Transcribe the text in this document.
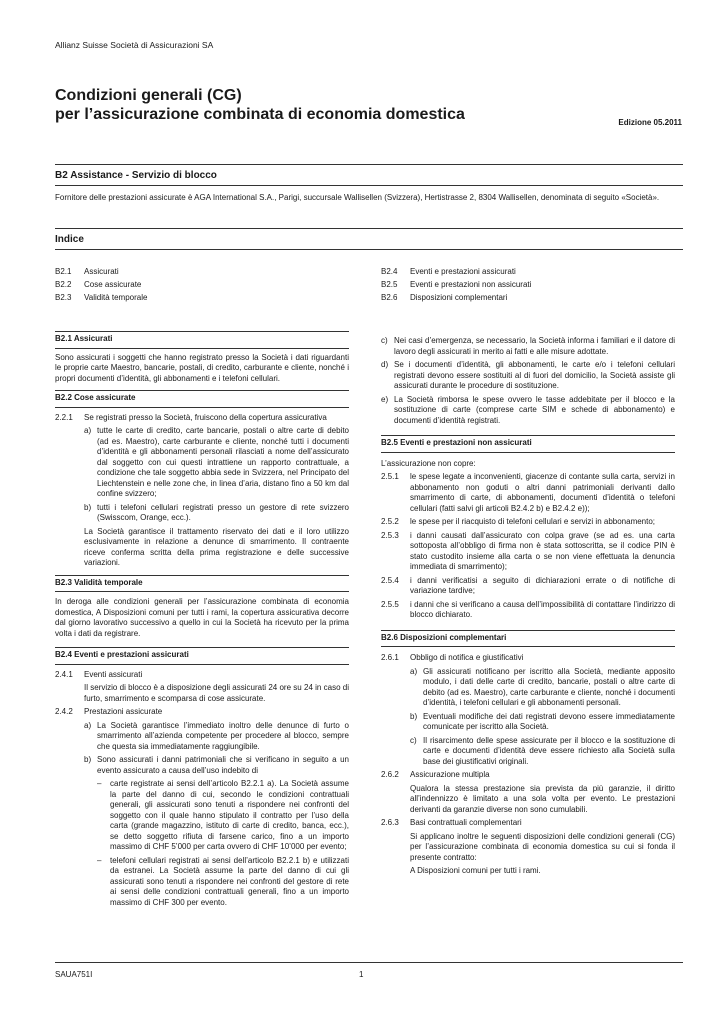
Allianz Suisse Società di Assicurazioni SA
Condizioni generali (CG)
per l’assicurazione combinata di economia domestica	Edizione 05.2011
B2 Assistance - Servizio di blocco
Fornitore delle prestazioni assicurate è AGA International S.A., Parigi, succursale Wallisellen (Svizzera), Hertistrasse 2, 8304 Wallisellen, denominata di seguito «Società».
Indice
B2.1	Assicurati
B2.2	Cose assicurate
B2.3	Validità temporale
B2.4	Eventi e prestazioni assicurati
B2.5	Eventi e prestazioni non assicurati
B2.6	Disposizioni complementari
B2.1 Assicurati

Sono assicurati i soggetti che hanno registrato presso la Società i dati riguardanti le proprie carte Maestro, bancarie, postali, di credito, carburante e cliente, nonché i propri documenti d’identità, gli abbonamenti e i telefoni cellulari.

B2.2 Cose assicurate
2.2.1	Se registrati presso la Società, fruiscono della copertura assicurativa
a) tutte le carte di credito, carte bancarie, postali o altre carte di debito (ad es. Maestro), carte carburante e cliente, nonché tutti i documenti d’identità e gli abbonamenti personali rilasciati a nome dell’assicurato dal soggetto con cui questi intrattiene un rapporto contrattuale, a condizione che tale soggetto abbia sede in Svizzera, nel Principato del Liechtenstein e nelle zone che, in linea d’aria, distano fino a 50 km dal confine svizzero;
b) tutti i telefoni cellulari registrati presso un gestore di rete svizzero (Swisscom, Orange, ecc.).
La Società garantisce il trattamento riservato dei dati e il loro utilizzo esclusivamente in relazione a denunce di smarrimento. Il contraente riceve conferma scritta della prima registrazione e delle successive variazioni.
B2.3 Validità temporale

In deroga alle condizioni generali per l’assicurazione combinata di economia domestica, A Disposizioni comuni per tutti i rami, la copertura assicurativa decorre dal giorno lavorativo successivo a quello in cui la Società ha ricevuto per la prima volta i dati da registrare.

B2.4 Eventi e prestazioni assicurati
2.4.1	Eventi assicurati
Il servizio di blocco è a disposizione degli assicurati 24 ore su 24 in caso di furto, smarrimento e scomparsa di cose assicurate.
2.4.2	Prestazioni assicurate
a) La Società garantisce l’immediato inoltro delle denunce di furto o smarrimento all’azienda competente per procedere al blocco, sempre che questa sia immediatamente raggiungibile.
b) Sono assicurati i danni patrimoniali che si verificano in seguito a un evento assicurato a causa dell’uso indebito di
–	carte registrate ai sensi dell’articolo B2.2.1 a). La Società assume la parte del danno di cui, secondo le condizioni contrattuali generali, gli assicurati sono tenuti a rispondere nei confronti del soggetto con il quale hanno stipulato il contratto per l’uso della carta (grande magazzino, istituto di carte di credito, banca, ecc.), se detto soggetto rifiuta di farsene carico, fino a un importo massimo di CHF 5’000 per carta ovvero di CHF 10’000 per evento;
–	telefoni cellulari registrati ai sensi dell’articolo B2.2.1 b) e utilizzati da estranei. La Società assume la parte del danno di cui gli assicurati sono tenuti a rispondere nei confronti del gestore di rete ai sensi delle condizioni contrattuali generali, fino a un importo massimo di CHF 300 per evento.
c) Nei casi d’emergenza, se necessario, la Società informa i familiari e il datore di lavoro degli assicurati in merito ai fatti e alle misure adottate.
d) Se i documenti d’identità, gli abbonamenti, le carte e/o i telefoni cellulari registrati devono essere sostituiti al di fuori del domicilio, la Società assiste gli assicurati durante le procedure di sostituzione.
e) La Società rimborsa le spese ovvero le tasse addebitate per il blocco e la sostituzione di carte (comprese carte SIM e schede di abbonamento) e documenti d’identità registrati.
B2.5 Eventi e prestazioni non assicurati

L’assicurazione non copre:

2.5.1	le spese legate a inconvenienti, giacenze di contante sulla carta, servizi in abbonamento non goduti o altri danni patrimoniali derivanti dallo smarrimento di carte, di abbonamenti, documenti d’identità o telefoni cellulari (fatti salvi gli articoli B2.4.2 b) e B2.4.2 e));
2.5.2	le spese per il riacquisto di telefoni cellulari e servizi in abbonamento;
2.5.3	i danni causati dall’assicurato con colpa grave (se ad es. una carta sottoposta all’obbligo di firma non è stata sottoscritta, se il codice PIN è stato custodito insieme alla carta o se non viene effettuata la denuncia immediata di smarrimento);
2.5.4	i danni verificatisi a seguito di dichiarazioni errate o di notifiche di variazione tardive;
2.5.5	i danni che si verificano a causa dell’impossibilità di contattare l’indirizzo di blocco dichiarato.
B2.6 Disposizioni complementari
2.6.1	Obbligo di notifica e giustificativi
a) Gli assicurati notificano per iscritto alla Società, mediante apposito modulo, i dati delle carte di credito, bancarie, postali o altre carte di debito (ad es. Maestro), carte carburante e cliente, nonché i documenti d’identità, i telefoni cellulari e gli abbonamenti personali.
b) Eventuali modifiche dei dati registrati devono essere immediatamente comunicate per iscritto alla Società.
c) Il risarcimento delle spese assicurate per il blocco e la sostituzione di carte e documenti d’identità deve essere richiesto alla Società sulla base dei giustificativi originali.
2.6.2	Assicurazione multipla
Qualora la stessa prestazione sia prevista da più garanzie, il diritto all’indennizzo è limitato a una sola volta per evento. Le prestazioni derivanti da garanzie diverse non sono cumulabili.
2.6.3	Basi contrattuali complementari
Si applicano inoltre le seguenti disposizioni delle condizioni generali (CG) per l’assicurazione combinata di economia domestica su cui si fonda il presente contratto:
A Disposizioni comuni per tutti i rami.
SAUA751I	1
